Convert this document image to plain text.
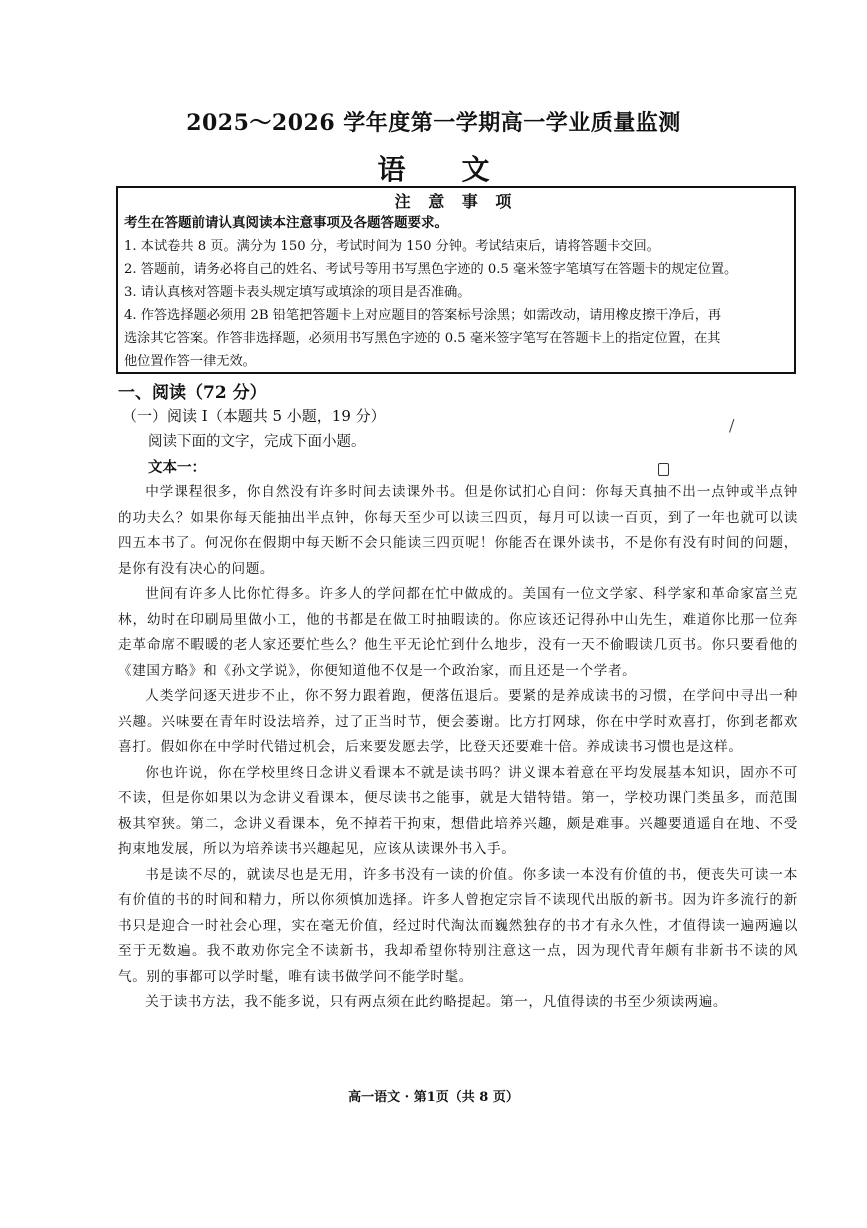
2025～2026 学年度第一学期高一学业质量监测
语　　文
注 意 事 项
考生在答题前请认真阅读本注意事项及各题答题要求。
1. 本试卷共 8 页。满分为 150 分，考试时间为 150 分钟。考试结束后，请将答题卡交回。
2. 答题前，请务必将自己的姓名、考试号等用书写黑色字迹的 0.5 毫米签字笔填写在答题卡的规定位置。
3. 请认真核对答题卡表头规定填写或填涂的项目是否准确。
4. 作答选择题必须用 2B 铅笔把答题卡上对应题目的答案标号涂黑；如需改动，请用橡皮擦干净后，再
选涂其它答案。作答非选择题，必须用书写黑色字迹的 0.5 毫米签字笔写在答题卡上的指定位置，在其
他位置作答一律无效。
一、阅读（72 分）
（一）阅读 I（本题共 5 小题，19 分）
阅读下面的文字，完成下面小题。
文本一：

中学课程很多，你自然没有许多时间去读课外书。但是你试扪心自问：你每天真抽不出一点钟或半点钟的功夫么？如果你每天能抽出半点钟，你每天至少可以读三四页，每月可以读一百页，到了一年也就可以读四五本书了。何况你在假期中每天断不会只能读三四页呢！你能否在课外读书，不是你有没有时间的问题，是你有没有决心的问题。

世间有许多人比你忙得多。许多人的学问都在忙中做成的。美国有一位文学家、科学家和革命家富兰克林，幼时在印刷局里做小工，他的书都是在做工时抽暇读的。你应该还记得孙中山先生，难道你比那一位奔走革命席不暇暖的老人家还要忙些么？他生平无论忙到什么地步，没有一天不偷暇读几页书。你只要看他的《建国方略》和《孙文学说》，你便知道他不仅是一个政治家，而且还是一个学者。

人类学问逐天进步不止，你不努力跟着跑，便落伍退后。要紧的是养成读书的习惯，在学问中寻出一种兴趣。兴味要在青年时设法培养，过了正当时节，便会萎谢。比方打网球，你在中学时欢喜打，你到老都欢喜打。假如你在中学时代错过机会，后来要发愿去学，比登天还要难十倍。养成读书习惯也是这样。

你也许说，你在学校里终日念讲义看课本不就是读书吗？讲义课本着意在平均发展基本知识，固亦不可不读，但是你如果以为念讲义看课本，便尽读书之能事，就是大错特错。第一，学校功课门类虽多，而范围极其窄狭。第二，念讲义看课本，免不掉若干拘束，想借此培养兴趣，颇是难事。兴趣要逍遥自在地、不受拘束地发展，所以为培养读书兴趣起见，应该从读课外书入手。

书是读不尽的，就读尽也是无用，许多书没有一读的价值。你多读一本没有价值的书，便丧失可读一本有价值的书的时间和精力，所以你须慎加选择。许多人曾抱定宗旨不读现代出版的新书。因为许多流行的新书只是迎合一时社会心理，实在毫无价值，经过时代淘汰而巍然独存的书才有永久性，才值得读一遍两遍以至于无数遍。我不敢劝你完全不读新书，我却希望你特别注意这一点，因为现代青年颇有非新书不读的风气。别的事都可以学时髦，唯有读书做学问不能学时髦。

关于读书方法，我不能多说，只有两点须在此约略提起。第一，凡值得读的书至少须读两遍。

高一语文 · 第1页（共 8 页）
